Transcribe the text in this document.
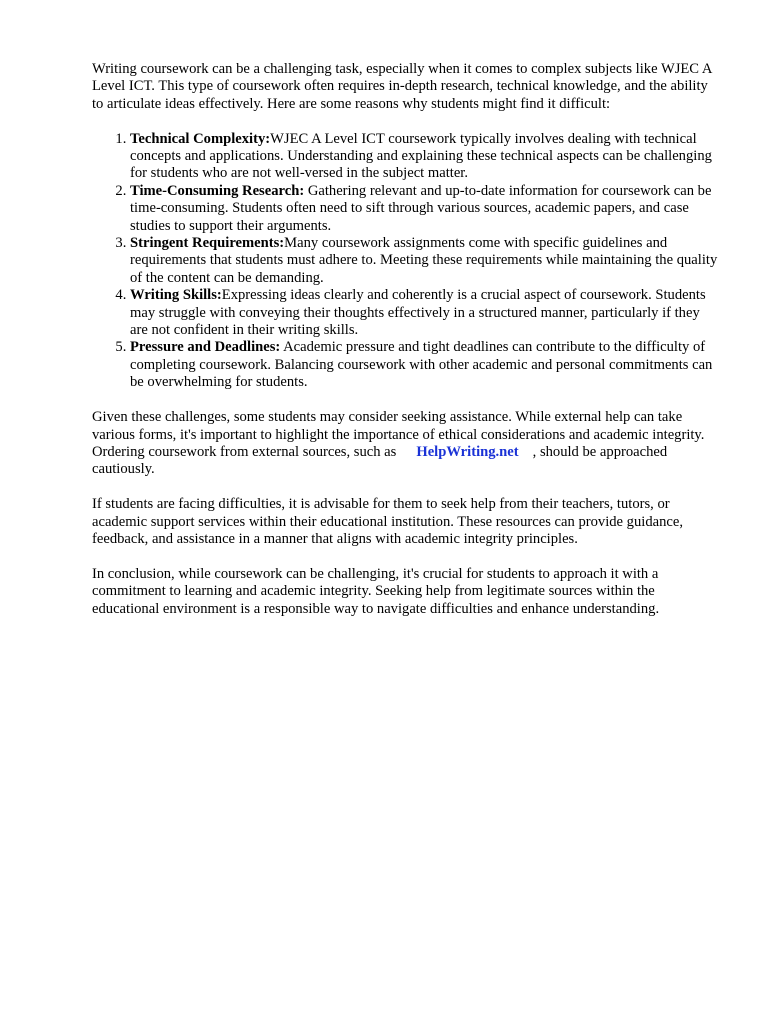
Writing coursework can be a challenging task, especially when it comes to complex subjects like WJEC A Level ICT. This type of coursework often requires in-depth research, technical knowledge, and the ability to articulate ideas effectively. Here are some reasons why students might find it difficult:

1. Technical Complexity:WJEC A Level ICT coursework typically involves dealing with technical concepts and applications. Understanding and explaining these technical aspects can be challenging for students who are not well-versed in the subject matter.
2. Time-Consuming Research: Gathering relevant and up-to-date information for coursework can be time-consuming. Students often need to sift through various sources, academic papers, and case studies to support their arguments.
3. Stringent Requirements:Many coursework assignments come with specific guidelines and requirements that students must adhere to. Meeting these requirements while maintaining the quality of the content can be demanding.
4. Writing Skills:Expressing ideas clearly and coherently is a crucial aspect of coursework. Students may struggle with conveying their thoughts effectively in a structured manner, particularly if they are not confident in their writing skills.
5. Pressure and Deadlines: Academic pressure and tight deadlines can contribute to the difficulty of completing coursework. Balancing coursework with other academic and personal commitments can be overwhelming for students.

Given these challenges, some students may consider seeking assistance. While external help can take various forms, it's important to highlight the importance of ethical considerations and academic integrity. Ordering coursework from external sources, such as HelpWriting.net , should be approached cautiously.

If students are facing difficulties, it is advisable for them to seek help from their teachers, tutors, or academic support services within their educational institution. These resources can provide guidance, feedback, and assistance in a manner that aligns with academic integrity principles.

In conclusion, while coursework can be challenging, it's crucial for students to approach it with a commitment to learning and academic integrity. Seeking help from legitimate sources within the educational environment is a responsible way to navigate difficulties and enhance understanding.
